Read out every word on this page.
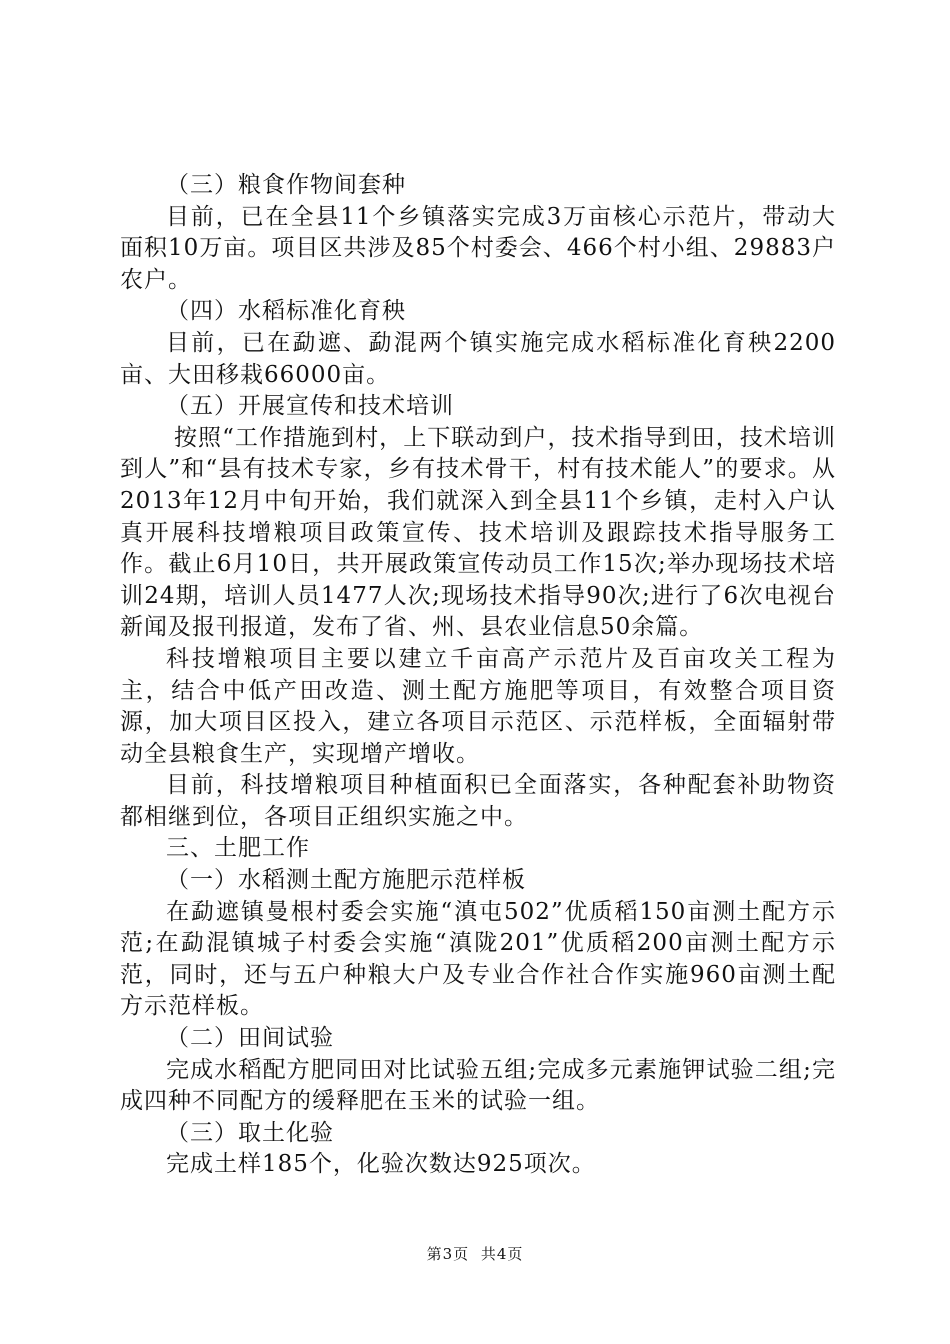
（三）粮食作物间套种

目前，已在全县11个乡镇落实完成3万亩核心示范片，带动大面积10万亩。项目区共涉及85个村委会、466个村小组、29883户农户。

（四）水稻标准化育秧

目前，已在勐遮、勐混两个镇实施完成水稻标准化育秧2200亩、大田移栽66000亩。

（五）开展宣传和技术培训

按照“工作措施到村，上下联动到户，技术指导到田，技术培训到人”和“县有技术专家，乡有技术骨干，村有技术能人”的要求。从2013年12月中旬开始，我们就深入到全县11个乡镇，走村入户认真开展科技增粮项目政策宣传、技术培训及跟踪技术指导服务工作。截止6月10日，共开展政策宣传动员工作15次;举办现场技术培训24期，培训人员1477人次;现场技术指导90次;进行了6次电视台新闻及报刊报道，发布了省、州、县农业信息50余篇。

科技增粮项目主要以建立千亩高产示范片及百亩攻关工程为主，结合中低产田改造、测土配方施肥等项目，有效整合项目资源，加大项目区投入，建立各项目示范区、示范样板，全面辐射带动全县粮食生产，实现增产增收。

目前，科技增粮项目种植面积已全面落实，各种配套补助物资都相继到位，各项目正组织实施之中。

三、土肥工作

（一）水稻测土配方施肥示范样板

在勐遮镇曼根村委会实施“滇屯502”优质稻150亩测土配方示范;在勐混镇城子村委会实施“滇陇201”优质稻200亩测土配方示范，同时，还与五户种粮大户及专业合作社合作实施960亩测土配方示范样板。

（二）田间试验

完成水稻配方肥同田对比试验五组;完成多元素施钾试验二组;完成四种不同配方的缓释肥在玉米的试验一组。

（三）取土化验

完成土样185个，化验次数达925项次。

第3页 共4页
